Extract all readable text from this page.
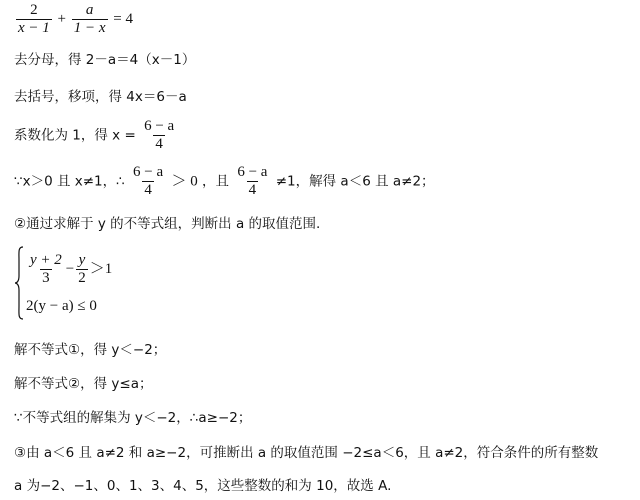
$\frac{2}{x - 1} + \frac{a}{1 - x} = 4$
去分母，得 2－a＝4（x－1）
去括号，移项，得 4x＝6－a
系数化为 1，得 $x = \frac{6 - a}{4}$
∵x＞0 且 x≠1，∴ $\frac{6 - a}{4} > 0$ ，且 $\frac{6 - a}{4} \ne 1$，解得 a＜6 且 a≠2；
②通过求解于 y 的不等式组，判断出 a 的取值范围.
$\frac{y + 2}{3} - \frac{y}{2} >1$
2(y − a) ≤ 0
解不等式①，得 y＜−2；
解不等式②，得 y≤a；
∵不等式组的解集为 y＜−2，∴a≥−2；
③由 a＜6 且 a≠2 和 a≥−2，可推断出 a 的取值范围 −2≤a＜6，且 a≠2，符合条件的所有整数
a 为−2、−1、0、1、3、4、5，这些整数的和为 10，故选 A.
